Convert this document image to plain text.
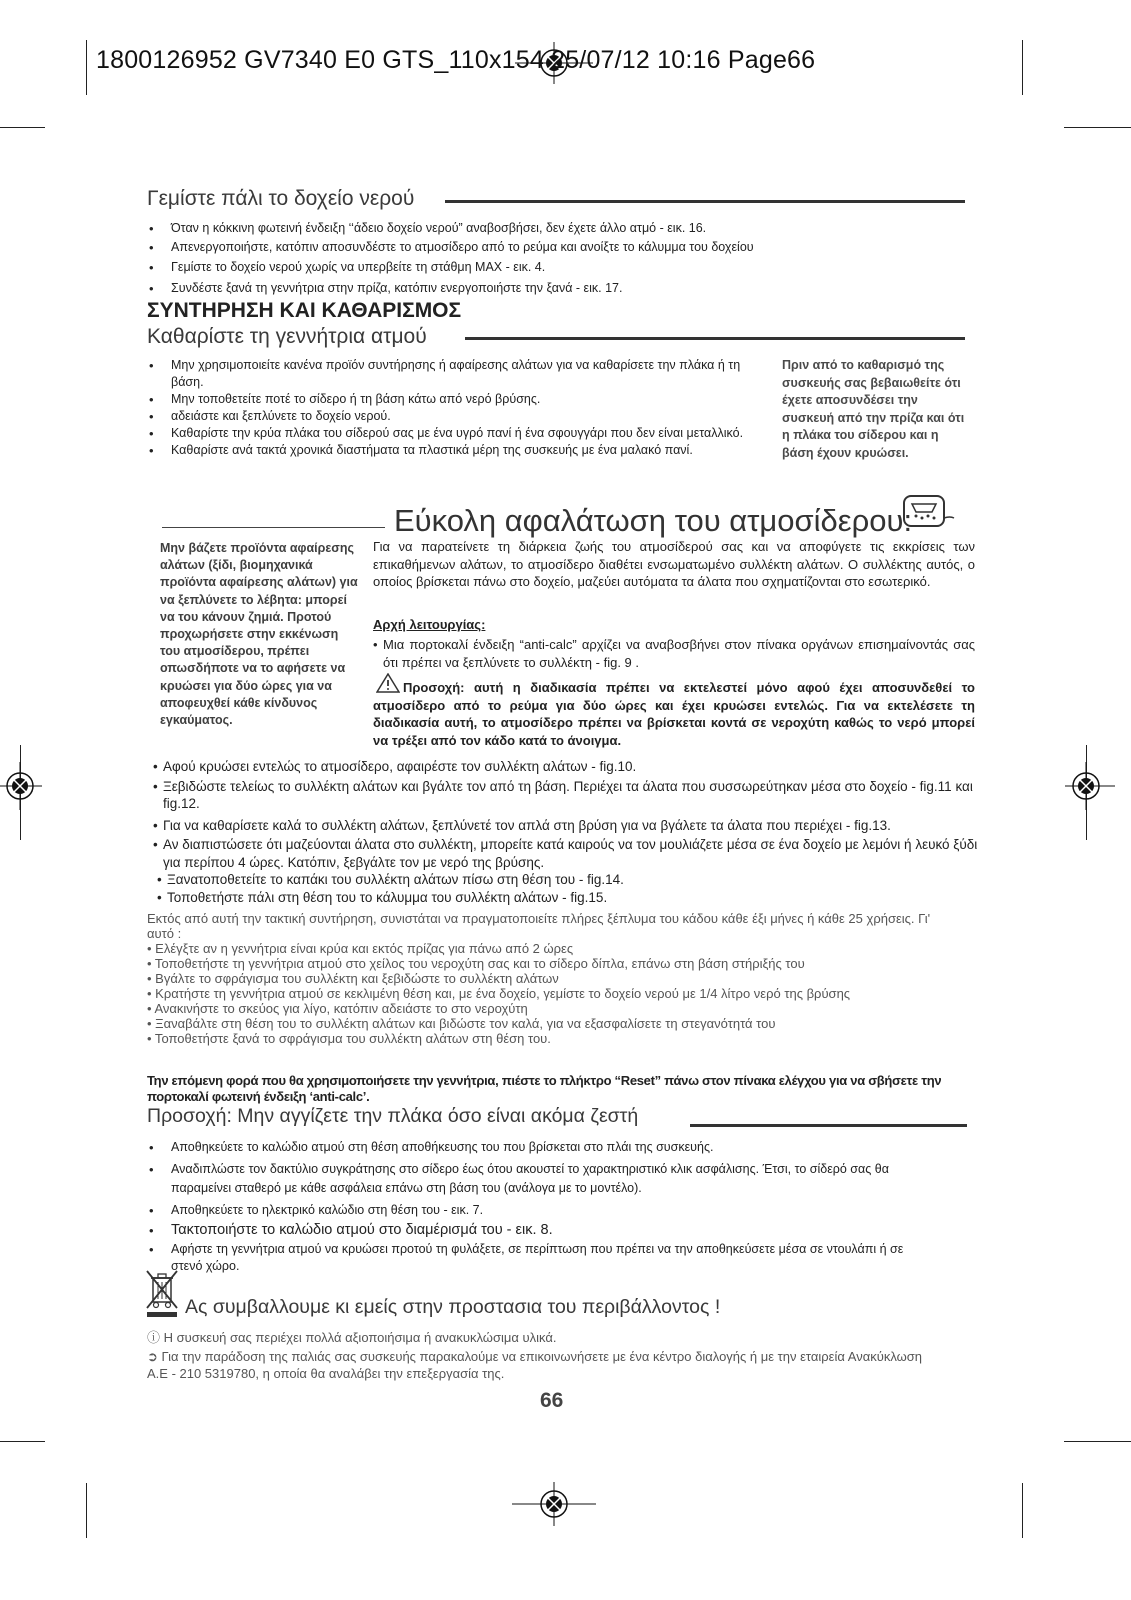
1800126952 GV7340 E0 GTS_110x154 25/07/12 10:16 Page66
Γεμίστε πάλι το δοχείο νερού
• Όταν η κόκκινη φωτεινή ένδειξη ‘‘άδειο δοχείο νερού” αναβοσβήσει, δεν έχετε άλλο ατμό - εικ. 16.
• Απενεργοποιήστε, κατόπιν αποσυνδέστε το ατμοσίδερο από το ρεύμα και ανοίξτε το κάλυμμα του δοχείου
• Γεμίστε το δοχείο νερού χωρίς να υπερβείτε τη στάθμη MAX - εικ. 4.
• Συνδέστε ξανά τη γεννήτρια στην πρίζα, κατόπιν ενεργοποιήστε την ξανά - εικ. 17.
ΣΥΝΤΗΡΗΣΗ ΚΑΙ ΚΑΘΑΡΙΣΜΟΣ
Καθαρίστε τη γεννήτρια ατμού
• Μην χρησιμοποιείτε κανένα προϊόν συντήρησης ή αφαίρεσης αλάτων για να καθαρίσετε την πλάκα ή τη βάση.
• Μην τοποθετείτε ποτέ το σίδερο ή τη βάση κάτω από νερό βρύσης.
• αδειάστε και ξεπλύνετε το δοχείο νερού.
• Καθαρίστε την κρύα πλάκα του σίδερού σας με ένα υγρό πανί ή ένα σφουγγάρι που δεν είναι μεταλλικό.
• Καθαρίστε ανά τακτά χρονικά διαστήματα τα πλαστικά μέρη της συσκευής με ένα μαλακό πανί.
Πριν από το καθαρισμό της συσκευής σας βεβαιωθείτε ότι έχετε αποσυνδέσει την συσκευή από την πρίζα και ότι η πλάκα του σίδερου και η βάση έχουν κρυώσει.
Εύκολη αφαλάτωση του ατμοσίδερου:
Μην βάζετε προϊόντα αφαίρεσης αλάτων (ξίδι, βιομηχανικά προϊόντα αφαίρεσης αλάτων) για να ξεπλύνετε το λέβητα: μπορεί να του κάνουν ζημιά. Προτού προχωρήσετε στην εκκένωση του ατμοσίδερου, πρέπει οπωσδήποτε να το αφήσετε να κρυώσει για δύο ώρες για να αποφευχθεί κάθε κίνδυνος εγκαύματος.
Για να παρατείνετε τη διάρκεια ζωής του ατμοσίδερού σας και να αποφύγετε τις εκκρίσεις των επικαθήμενων αλάτων, το ατμοσίδερο διαθέτει ενσωματωμένο συλλέκτη αλάτων. Ο συλλέκτης αυτός, ο οποίος βρίσκεται πάνω στο δοχείο, μαζεύει αυτόματα τα άλατα που σχηματίζονται στο εσωτερικό.
Αρχή λειτουργίας:
• Μια πορτοκαλί ένδειξη “anti-calc” αρχίζει να αναβοσβήνει στον πίνακα οργάνων επισημαίνοντάς σας ότι πρέπει να ξεπλύνετε το συλλέκτη - fig. 9 .
Προσοχή: αυτή η διαδικασία πρέπει να εκτελεστεί μόνο αφού έχει αποσυνδεθεί το ατμοσίδερο από το ρεύμα για δύο ώρες και έχει κρυώσει εντελώς. Για να εκτελέσετε τη διαδικασία αυτή, το ατμοσίδερο πρέπει να βρίσκεται κοντά σε νεροχύτη καθώς το νερό μπορεί να τρέξει από τον κάδο κατά το άνοιγμα.
• Αφού κρυώσει εντελώς το ατμοσίδερο, αφαιρέστε τον συλλέκτη αλάτων - fig.10.
• Ξεβιδώστε τελείως το συλλέκτη αλάτων και βγάλτε τον από τη βάση. Περιέχει τα άλατα που συσσωρεύτηκαν μέσα στο δοχείο - fig.11 και fig.12.
• Για να καθαρίσετε καλά το συλλέκτη αλάτων, ξεπλύνετέ τον απλά στη βρύση για να βγάλετε τα άλατα που περιέχει - fig.13.
• Αν διαπιστώσετε ότι μαζεύονται άλατα στο συλλέκτη, μπορείτε κατά καιρούς να τον μουλιάζετε μέσα σε ένα δοχείο με λεμόνι ή λευκό ξύδι για περίπου 4 ώρες. Κατόπιν, ξεβγάλτε τον με νερό της βρύσης.
• Ξανατοποθετείτε το καπάκι του συλλέκτη αλάτων πίσω στη θέση του - fig.14.
• Τοποθετήστε πάλι στη θέση του το κάλυμμα του συλλέκτη αλάτων - fig.15.
Εκτός από αυτή την τακτική συντήρηση, συνιστάται να πραγματοποιείτε πλήρες ξέπλυμα του κάδου κάθε έξι μήνες ή κάθε 25 χρήσεις. Γι' αυτό :
• Ελέγξτε αν η γεννήτρια είναι κρύα και εκτός πρίζας για πάνω από 2 ώρες
• Τοποθετήστε τη γεννήτρια ατμού στο χείλος του νεροχύτη σας και το σίδερο δίπλα, επάνω στη βάση στήριξής του
• Βγάλτε το σφράγισμα του συλλέκτη και ξεβιδώστε το συλλέκτη αλάτων
• Κρατήστε τη γεννήτρια ατμού σε κεκλιμένη θέση και, με ένα δοχείο, γεμίστε το δοχείο νερού με 1/4 λίτρο νερό της βρύσης
• Ανακινήστε το σκεύος για λίγο, κατόπιν αδειάστε το στο νεροχύτη
• Ξαναβάλτε στη θέση του το συλλέκτη αλάτων και βιδώστε τον καλά, για να εξασφαλίσετε τη στεγανότητά του
• Τοποθετήστε ξανά το σφράγισμα του συλλέκτη αλάτων στη θέση του.
Την επόμενη φορά που θα χρησιμοποιήσετε την γεννήτρια, πιέστε το πλήκτρο “Reset” πάνω στον πίνακα ελέγχου για να σβήσετε την πορτοκαλί φωτεινή ένδειξη ‘anti-calc’.
Προσοχή: Μην αγγίζετε την πλάκα όσο είναι ακόμα ζεστή
• Αποθηκεύετε το καλώδιο ατμού στη θέση αποθήκευσης του που βρίσκεται στο πλάι της συσκευής.
• Αναδιπλώστε τον δακτύλιο συγκράτησης στο σίδερο έως ότου ακουστεί το χαρακτηριστικό κλικ ασφάλισης. Έτσι, το σίδερό σας θα παραμείνει σταθερό με κάθε ασφάλεια επάνω στη βάση του (ανάλογα με το μοντέλο).
• Αποθηκεύετε το ηλεκτρικό καλώδιο στη θέση του - εικ. 7.
• Τακτοποιήστε το καλώδιο ατμού στο διαμέρισμά του - εικ. 8.
• Αφήστε τη γεννήτρια ατμού να κρυώσει προτού τη φυλάξετε, σε περίπτωση που πρέπει να την αποθηκεύσετε μέσα σε ντουλάπι ή σε στενό χώρο.
Ας συμβαλλουμε κι εμείς στην προστασια του περιβάλλοντος !
ⓘ Η συσκευή σας περιέχει πολλά αξιοποιήσιμα ή ανακυκλώσιμα υλικά.
➲ Για την παράδοση της παλιάς σας συσκευής παρακαλούμε να επικοινωνήσετε με ένα κέντρο διαλογής ή με την εταιρεία Ανακύκλωση Α.Ε - 210 5319780, η οποία θα αναλάβει την επεξεργασία της.
66
